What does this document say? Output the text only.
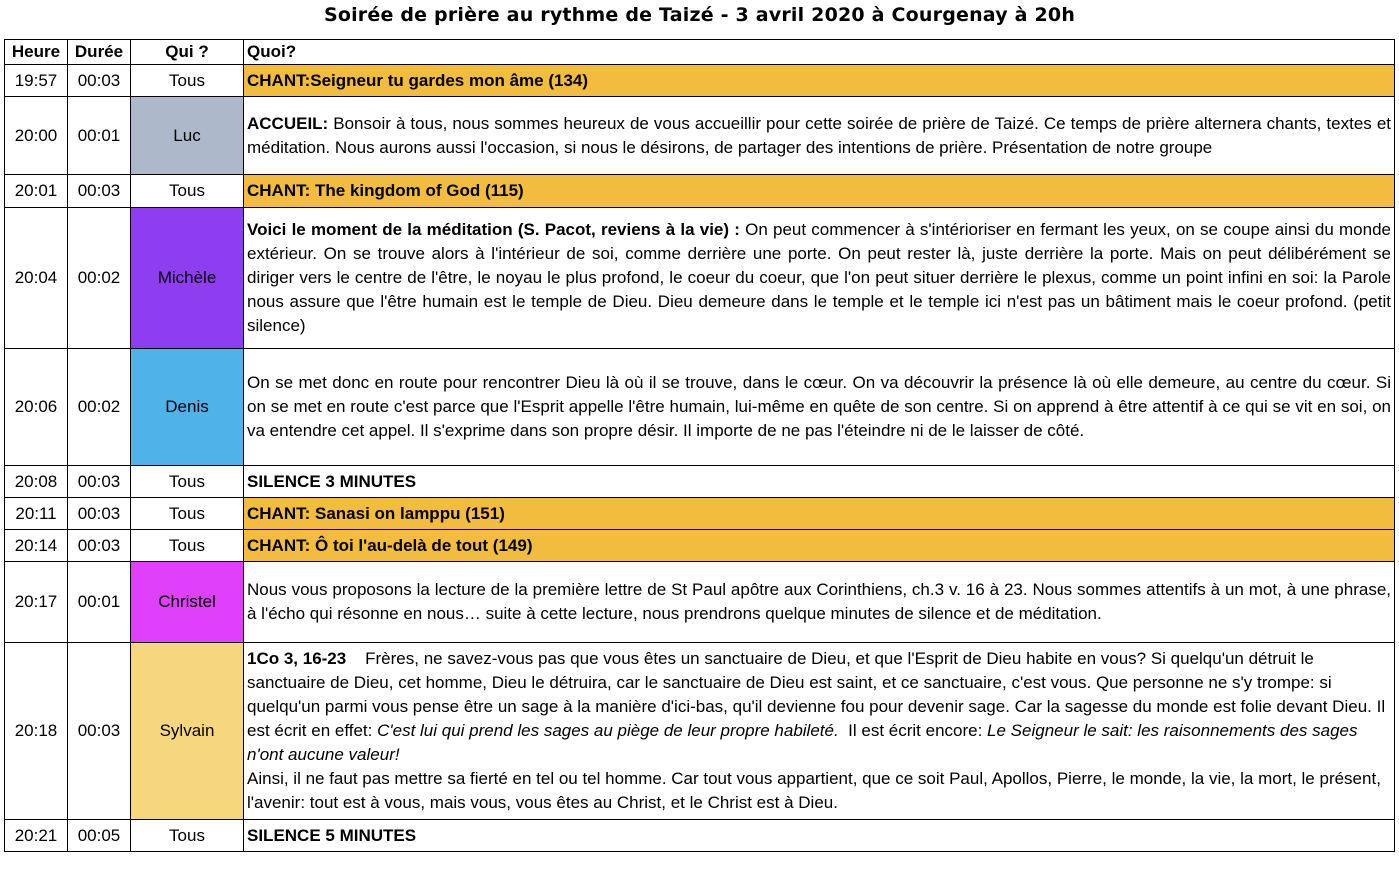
Soirée de prière au rythme de Taizé - 3 avril 2020 à Courgenay à 20h
Heure	Durée	Qui ?	Quoi?
19:57	00:03	Tous	CHANT:Seigneur tu gardes mon âme (134)
20:00	00:01	Luc	ACCUEIL: Bonsoir à tous, nous sommes heureux de vous accueillir pour cette soirée de prière de Taizé. Ce temps de prière alternera chants, textes et méditation. Nous aurons aussi l'occasion, si nous le désirons, de partager des intentions de prière. Présentation de notre groupe
20:01	00:03	Tous	CHANT: The kingdom of God (115)
20:04	00:02	Michèle	Voici le moment de la méditation (S. Pacot, reviens à la vie) : On peut commencer à s'intérioriser en fermant les yeux, on se coupe ainsi du monde extérieur. On se trouve alors à l'intérieur de soi, comme derrière une porte. On peut rester là, juste derrière la porte. Mais on peut délibérément se diriger vers le centre de l'être, le noyau le plus profond, le coeur du coeur, que l'on peut situer derrière le plexus, comme un point infini en soi: la Parole nous assure que l'être humain est le temple de Dieu. Dieu demeure dans le temple et le temple ici n'est pas un bâtiment mais le coeur profond. (petit silence)
20:06	00:02	Denis	On se met donc en route pour rencontrer Dieu là où il se trouve, dans le cœur. On va découvrir la présence là où elle demeure, au centre du cœur. Si on se met en route c'est parce que l'Esprit appelle l'être humain, lui-même en quête de son centre. Si on apprend à être attentif à ce qui se vit en soi, on va entendre cet appel. Il s'exprime dans son propre désir. Il importe de ne pas l'éteindre ni de le laisser de côté.
20:08	00:03	Tous	SILENCE 3 MINUTES
20:11	00:03	Tous	CHANT: Sanasi on lamppu (151)
20:14	00:03	Tous	CHANT: Ô toi l'au-delà de tout (149)
20:17	00:01	Christel	Nous vous proposons la lecture de la première lettre de St Paul apôtre aux Corinthiens, ch.3 v. 16 à 23. Nous sommes attentifs à un mot, à une phrase, à l'écho qui résonne en nous… suite à cette lecture, nous prendrons quelque minutes de silence et de méditation.
20:18	00:03	Sylvain	1Co 3, 16-23    Frères, ne savez-vous pas que vous êtes un sanctuaire de Dieu, et que l'Esprit de Dieu habite en vous? Si quelqu'un détruit le sanctuaire de Dieu, cet homme, Dieu le détruira, car le sanctuaire de Dieu est saint, et ce sanctuaire, c'est vous. Que personne ne s'y trompe: si quelqu'un parmi vous pense être un sage à la manière d'ici-bas, qu'il devienne fou pour devenir sage. Car la sagesse du monde est folie devant Dieu. Il est écrit en effet: C'est lui qui prend les sages au piège de leur propre habileté.  Il est écrit encore: Le Seigneur le sait: les raisonnements des sages n'ont aucune valeur!
Ainsi, il ne faut pas mettre sa fierté en tel ou tel homme. Car tout vous appartient, que ce soit Paul, Apollos, Pierre, le monde, la vie, la mort, le présent, l'avenir: tout est à vous, mais vous, vous êtes au Christ, et le Christ est à Dieu.
20:21	00:05	Tous	SILENCE 5 MINUTES
